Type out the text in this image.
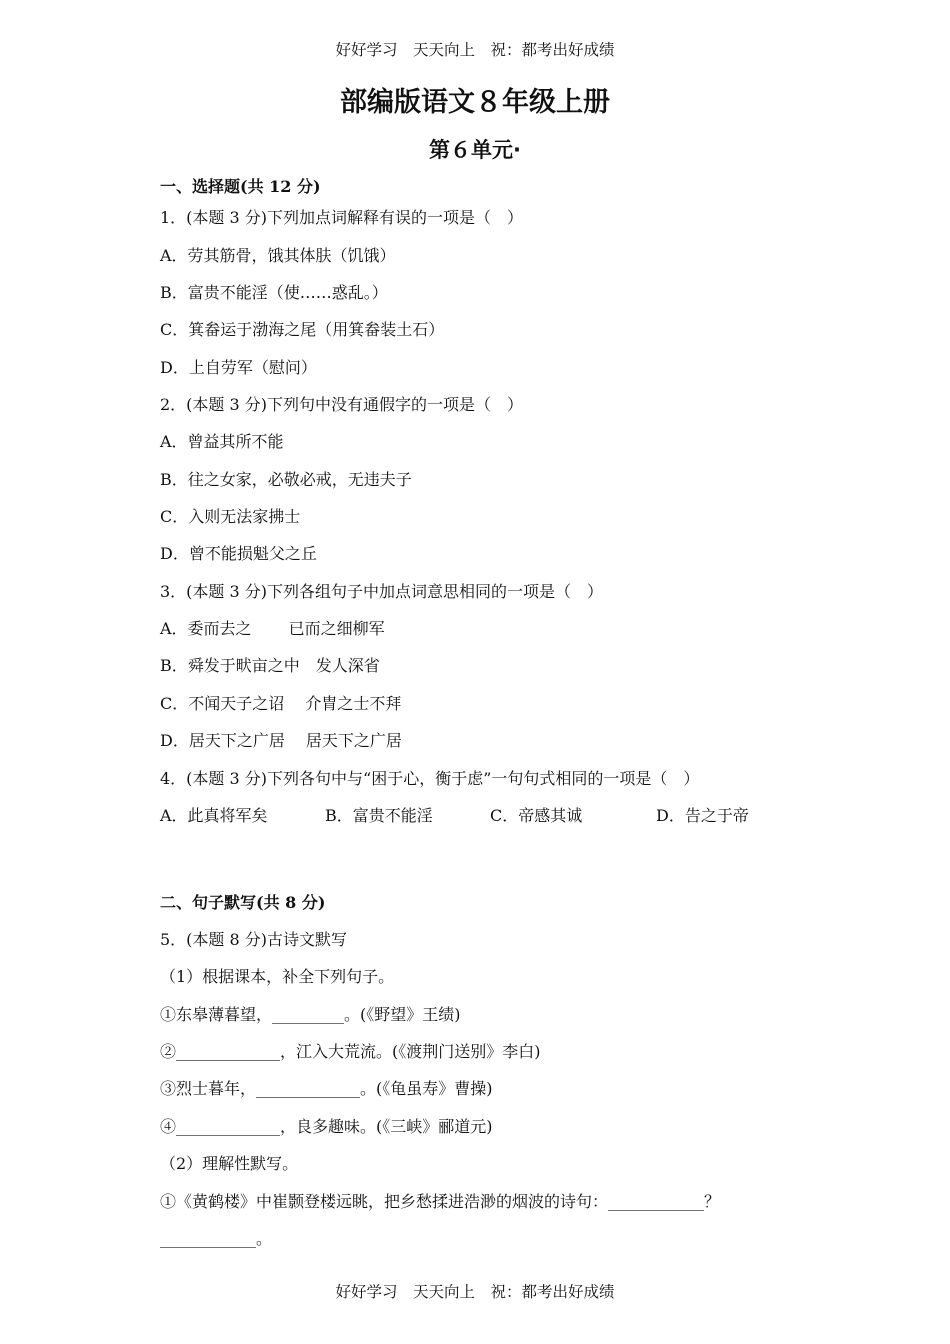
好好学习　天天向上　祝：都考出好成绩
部编版语文８年级上册
第６单元·
一、选择题(共 12 分)
1．(本题 3 分)下列加点词解释有误的一项是（　）
A．劳其筋骨，饿其体肤（饥饿）
B．富贵不能淫（使……惑乱。）
C．箕畚运于渤海之尾（用箕畚装土石）
D．上自劳军（慰问）
2．(本题 3 分)下列句中没有通假字的一项是（　）
A．曾益其所不能
B．往之女家，必敬必戒，无违夫子
C．入则无法家拂士
D．曾不能损魁父之丘
3．(本题 3 分)下列各组句子中加点词意思相同的一项是（　）
A．委而去之　　 已而之细柳军
B．舜发于畎亩之中　发人深省
C．不闻天子之诏　 介胄之士不拜
D．居天下之广居　 居天下之广居
4．(本题 3 分)下列各句中与“困于心，衡于虑”一句句式相同的一项是（　）
A．此真将军矣	B．富贵不能淫	C．帝感其诚	D．告之于帝
二、句子默写(共 8 分)
5．(本题 8 分)古诗文默写
（1）根据课本，补全下列句子。
①东皋薄暮望，_________。(《野望》王绩)
②_____________，江入大荒流。(《渡荆门送别》李白)
③烈士暮年，_____________。(《龟虽寿》曹操)
④_____________，良多趣味。(《三峡》郦道元)
（2）理解性默写。
①《黄鹤楼》中崔颢登楼远眺，把乡愁揉进浩渺的烟波的诗句：____________？
____________。
好好学习　天天向上　祝：都考出好成绩
